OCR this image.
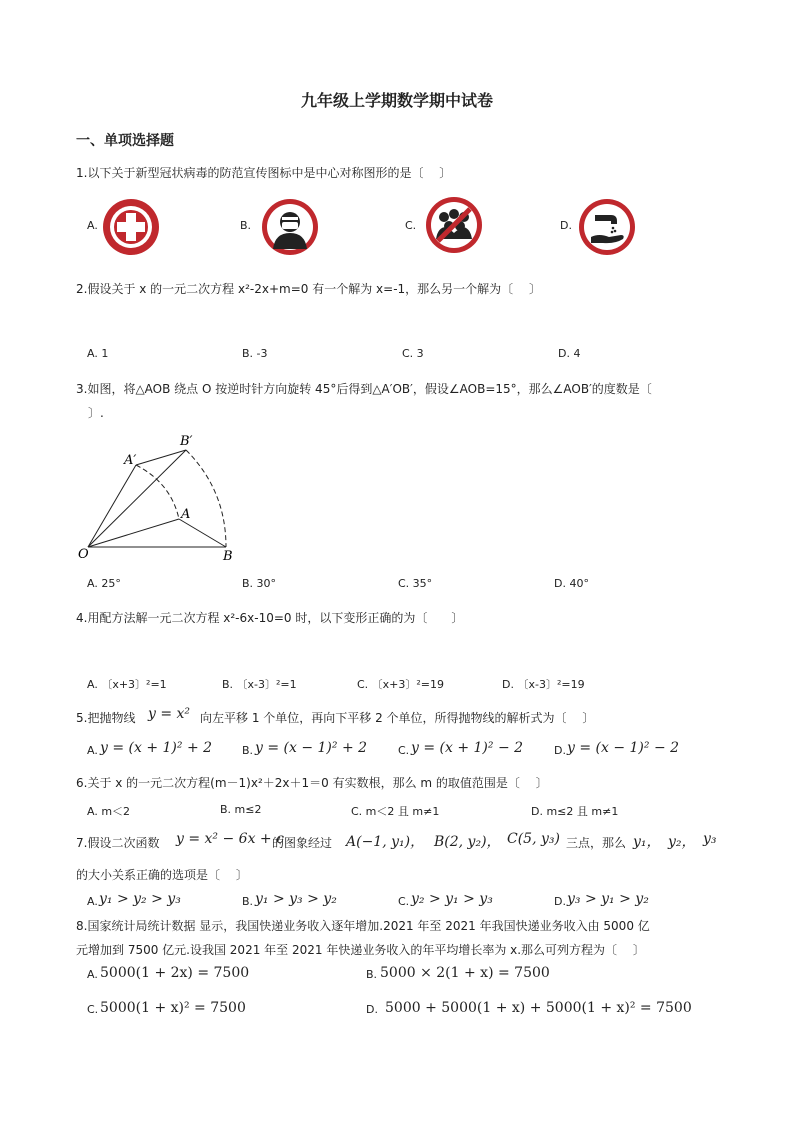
九年级上学期数学期中试卷
一、单项选择题
1.以下关于新型冠状病毒的防范宣传图标中是中心对称图形的是〔　 〕
A.	B.	C.	D.
2.假设关于 x 的一元二次方程 x²-2x+m=0 有一个解为 x=-1，那么另一个解为〔　 〕
A. 1	B. -3	C. 3	D. 4
3.如图，将△AOB 绕点 O 按逆时针方向旋转 45°后得到△A′OB′，假设∠AOB=15°，那么∠AOB′的度数是〔
　〕.
O	B
A
A′
B′
A. 25°	B. 30°	C. 35°	D. 40°
4.用配方法解一元二次方程 x²-6x-10=0 时，以下变形正确的为〔　　〕
A. 〔x+3〕²=1	B. 〔x-3〕²=1	C. 〔x+3〕²=19	D. 〔x-3〕²=19
5.把抛物线 y = x² 向左平移 1 个单位，再向下平移 2 个单位，所得抛物线的解析式为〔　 〕
A. y = (x + 1)² + 2	B. y = (x − 1)² + 2	C. y = (x + 1)² − 2	D. y = (x − 1)² − 2
6.关于 x 的一元二次方程(m－1)x²＋2x＋1＝0 有实数根，那么 m 的取值范围是〔　 〕
A. m＜2	B. m≤2	C. m＜2 且 m≠1	D. m≤2 且 m≠1
7.假设二次函数 y = x² − 6x + c
的图象经过 A(−1, y₁)， B(2, y₂)， C(5, y₃) 三点，那么 y₁， y₂， y₃
的大小关系正确的选项是〔　 〕
A. y₁ > y₂ > y₃	B. y₁ > y₃ > y₂	C. y₂ > y₁ > y₃	D. y₃ > y₁ > y₂
8.国家统计局统计数据 显示，我国快递业务收入逐年增加.2021 年至 2021 年我国快递业务收入由 5000 亿
元增加到 7500 亿元.设我国 2021 年至 2021 年快递业务收入的年平均增长率为 x.那么可列方程为〔　 〕
A. 5000(1 + 2x) = 7500	B. 5000 × 2(1 + x) = 7500
C. 5000(1 + x)² = 7500	D. 5000 + 5000(1 + x) + 5000(1 + x)² = 7500
